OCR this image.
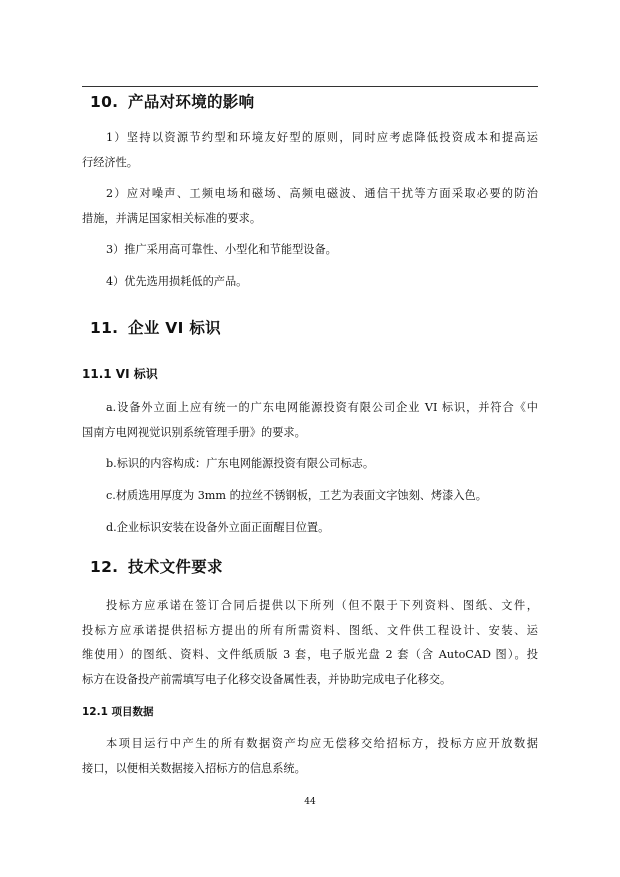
10. 产品对环境的影响
1）坚持以资源节约型和环境友好型的原则，同时应考虑降低投资成本和提高运
行经济性。
2）应对噪声、工频电场和磁场、高频电磁波、通信干扰等方面采取必要的防治
措施，并满足国家相关标准的要求。
3）推广采用高可靠性、小型化和节能型设备。
4）优先选用损耗低的产品。
11. 企业 VI 标识
11.1 VI 标识
a.设备外立面上应有统一的广东电网能源投资有限公司企业 VI 标识，并符合《中
国南方电网视觉识别系统管理手册》的要求。
b.标识的内容构成：广东电网能源投资有限公司标志。
c.材质选用厚度为 3mm 的拉丝不锈钢板，工艺为表面文字蚀刻、烤漆入色。
d.企业标识安装在设备外立面正面醒目位置。
12. 技术文件要求
投标方应承诺在签订合同后提供以下所列（但不限于下列资料、图纸、文件，
投标方应承诺提供招标方提出的所有所需资料、图纸、文件供工程设计、安装、运
维使用）的图纸、资料、文件纸质版 3 套，电子版光盘 2 套（含 AutoCAD 图）。投
标方在设备投产前需填写电子化移交设备属性表，并协助完成电子化移交。
12.1 项目数据
本项目运行中产生的所有数据资产均应无偿移交给招标方，投标方应开放数据
接口，以便相关数据接入招标方的信息系统。
44
